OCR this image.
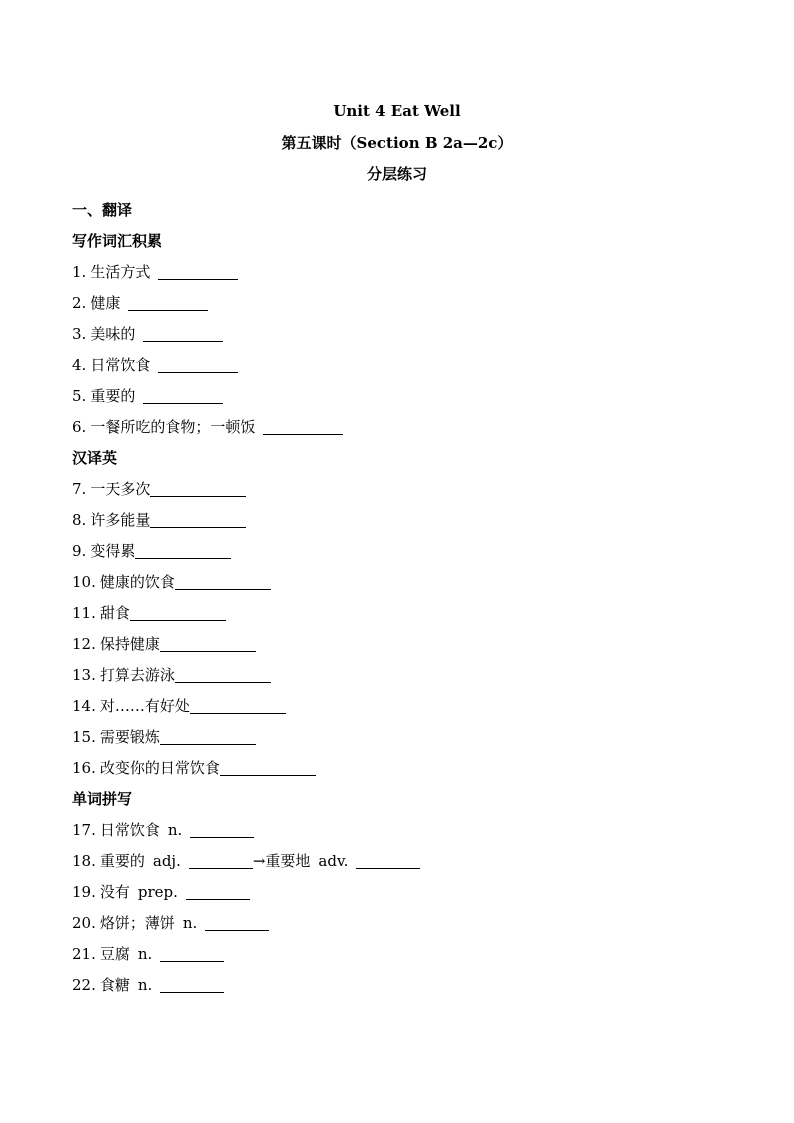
Unit 4 Eat Well
第五课时（Section B 2a—2c）
分层练习
一、翻译
写作词汇积累
1. 生活方式
2. 健康
3. 美味的
4. 日常饮食
5. 重要的
6. 一餐所吃的食物；一顿饭
汉译英
7. 一天多次
8. 许多能量
9. 变得累
10. 健康的饮食
11. 甜食
12. 保持健康
13. 打算去游泳
14. 对……有好处
15. 需要锻炼
16. 改变你的日常饮食
单词拼写
17. 日常饮食 n.
18. 重要的 adj.	→重要地 adv.
19. 没有 prep.
20. 烙饼；薄饼 n.
21. 豆腐 n.
22. 食糖 n.
